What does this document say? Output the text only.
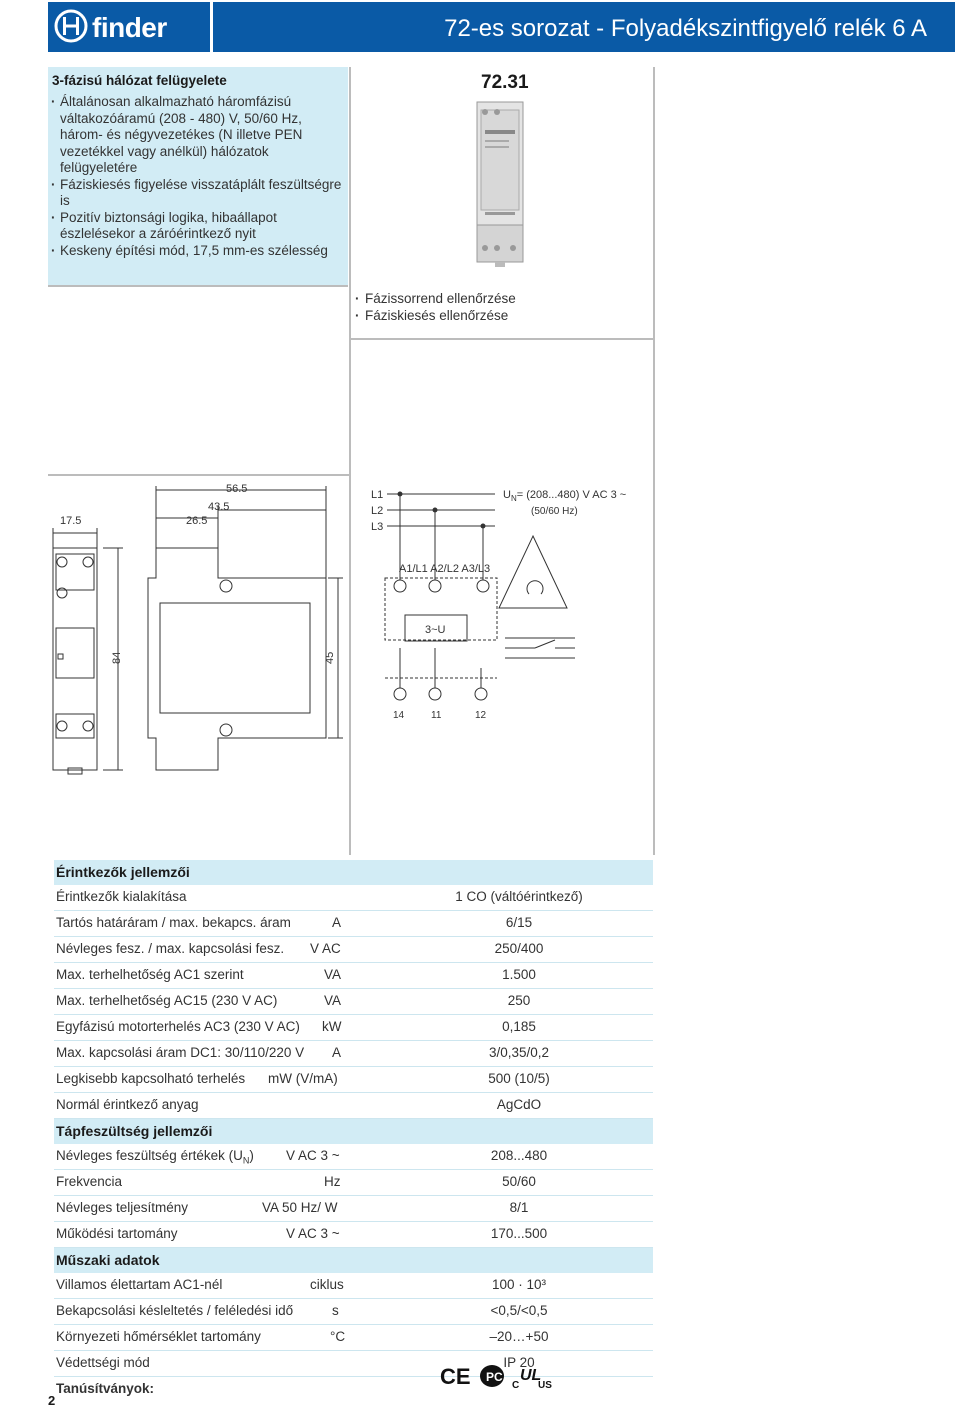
finder	72-es sorozat - Folyadékszintfigyelő relék 6 A
3-fázisú hálózat felügyelete
· Általánosan alkalmazható háromfázisú váltakozóáramú (208 - 480) V, 50/60 Hz, három- és négyvezetékes (N illetve PEN vezetékkel vagy anélkül) hálózatok felügyeletére
· Fáziskiesés figyelése visszatáplált feszültségre is
· Pozitív biztonsági logika, hibaállapot észlelésekor a záróérintkező nyit
· Keskeny építési mód, 17,5 mm-es szélesség
72.31
· Fázissorrend ellenőrzése
· Fáziskiesés ellenőrzése
17.5
56.5
43.5
26.5
84	45
L1
L2
L3
$U_N= (208...480)$ V AC 3 ~
(50/60 Hz)
A1/L1 A2/L2 A3/L3
3~U
14	11	12
Érintkezők jellemzői
Érintkezők kialakítása	1 CO (váltóérintkező)
Tartós határáram / max. bekapcs. áram	A	6/15
Névleges fesz. / max. kapcsolási fesz. V AC	250/400
Max. terhelhetőség AC1 szerint	VA	1.500
Max. terhelhetőség AC15 (230 V AC)	VA	250
Egyfázisú motorterhelés AC3 (230 V AC) kW	0,185
Max. kapcsolási áram DC1: 30/110/220 V A	3/0,35/0,2
Legkisebb kapcsolható terhelés mW (V/mA)	500 (10/5)
Normál érintkező anyag	AgCdO
Tápfeszültség jellemzői
Névleges feszültség értékek $(U_N)$ V AC 3 ~	208...480
Frekvencia	Hz	50/60
Névleges teljesítmény	VA 50 Hz/ W	8/1
Működési tartomány	V AC 3 ~	170...500
Műszaki adatok
Villamos élettartam AC1-nél	ciklus	100 · 10³
Bekapcsolási késleltetés / feléledési idő	s	<0,5/<0,5
Környezeti hőmérséklet tartomány	°C	–20…+50
Védettségi mód	IP 20
Tanúsítványok:	CE PC
C
UL
US
2
